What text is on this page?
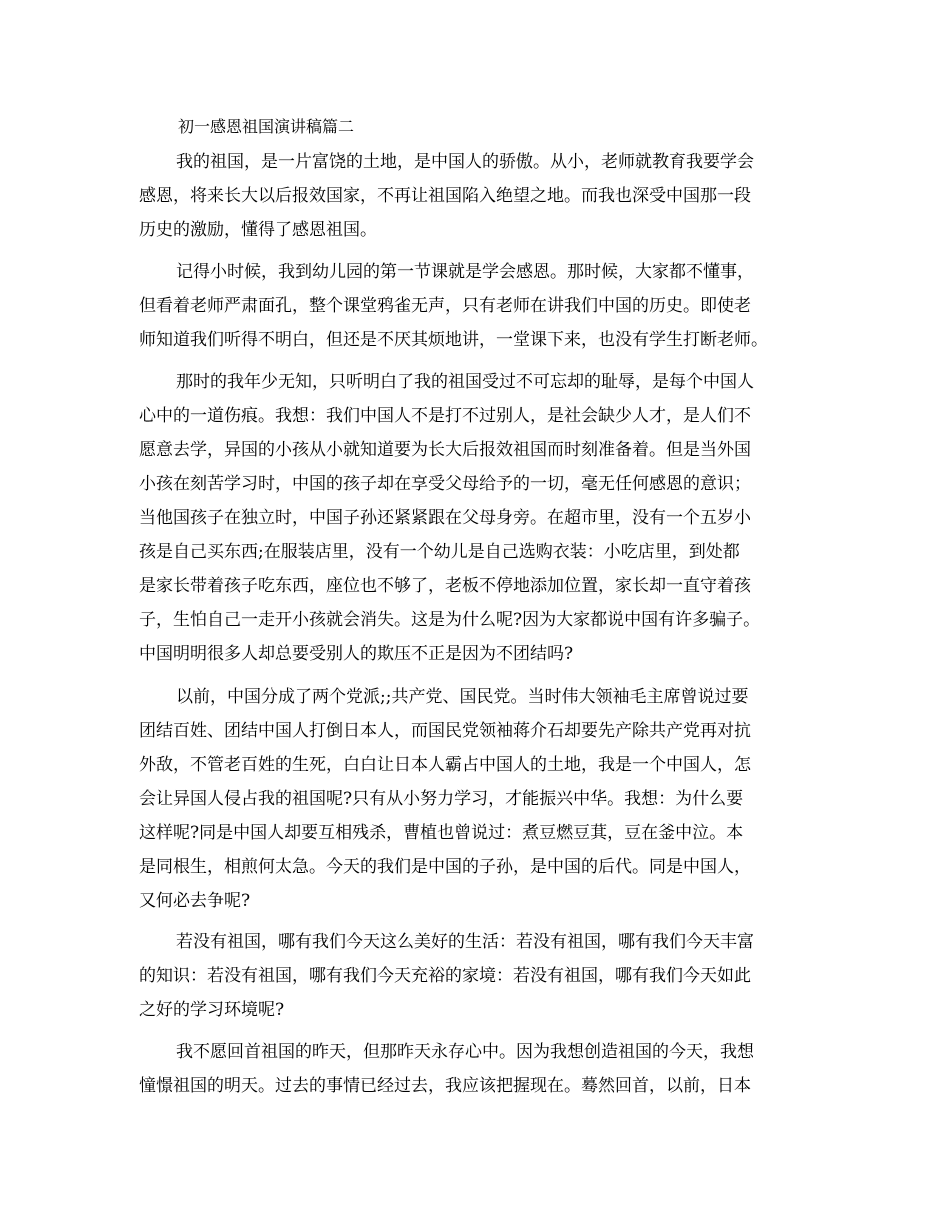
初一感恩祖国演讲稿篇二
我的祖国，是一片富饶的土地，是中国人的骄傲。从小，老师就教育我要学会
感恩，将来长大以后报效国家，不再让祖国陷入绝望之地。而我也深受中国那一段
历史的激励，懂得了感恩祖国。
记得小时候，我到幼儿园的第一节课就是学会感恩。那时候，大家都不懂事，
但看着老师严肃面孔，整个课堂鸦雀无声，只有老师在讲我们中国的历史。即使老
师知道我们听得不明白，但还是不厌其烦地讲，一堂课下来，也没有学生打断老师。
那时的我年少无知，只听明白了我的祖国受过不可忘却的耻辱，是每个中国人
心中的一道伤痕。我想：我们中国人不是打不过别人，是社会缺少人才，是人们不
愿意去学，异国的小孩从小就知道要为长大后报效祖国而时刻准备着。但是当外国
小孩在刻苦学习时，中国的孩子却在享受父母给予的一切，毫无任何感恩的意识；
当他国孩子在独立时，中国子孙还紧紧跟在父母身旁。在超市里，没有一个五岁小
孩是自己买东西;在服装店里，没有一个幼儿是自己选购衣装：小吃店里，到处都
是家长带着孩子吃东西，座位也不够了，老板不停地添加位置，家长却一直守着孩
子，生怕自己一走开小孩就会消失。这是为什么呢?因为大家都说中国有许多骗子。
中国明明很多人却总要受别人的欺压不正是因为不团结吗?
以前，中国分成了两个党派;;共产党、国民党。当时伟大领袖毛主席曾说过要
团结百姓、团结中国人打倒日本人，而国民党领袖蒋介石却要先产除共产党再对抗
外敌，不管老百姓的生死，白白让日本人霸占中国人的土地，我是一个中国人，怎
会让异国人侵占我的祖国呢?只有从小努力学习，才能振兴中华。我想：为什么要
这样呢?同是中国人却要互相残杀，曹植也曾说过：煮豆燃豆萁，豆在釜中泣。本
是同根生，相煎何太急。今天的我们是中国的子孙，是中国的后代。同是中国人，
又何必去争呢?
若没有祖国，哪有我们今天这么美好的生活：若没有祖国，哪有我们今天丰富
的知识：若没有祖国，哪有我们今天充裕的家境：若没有祖国，哪有我们今天如此
之好的学习环境呢?
我不愿回首祖国的昨天，但那昨天永存心中。因为我想创造祖国的今天，我想
憧憬祖国的明天。过去的事情已经过去，我应该把握现在。蓦然回首，以前，日本
